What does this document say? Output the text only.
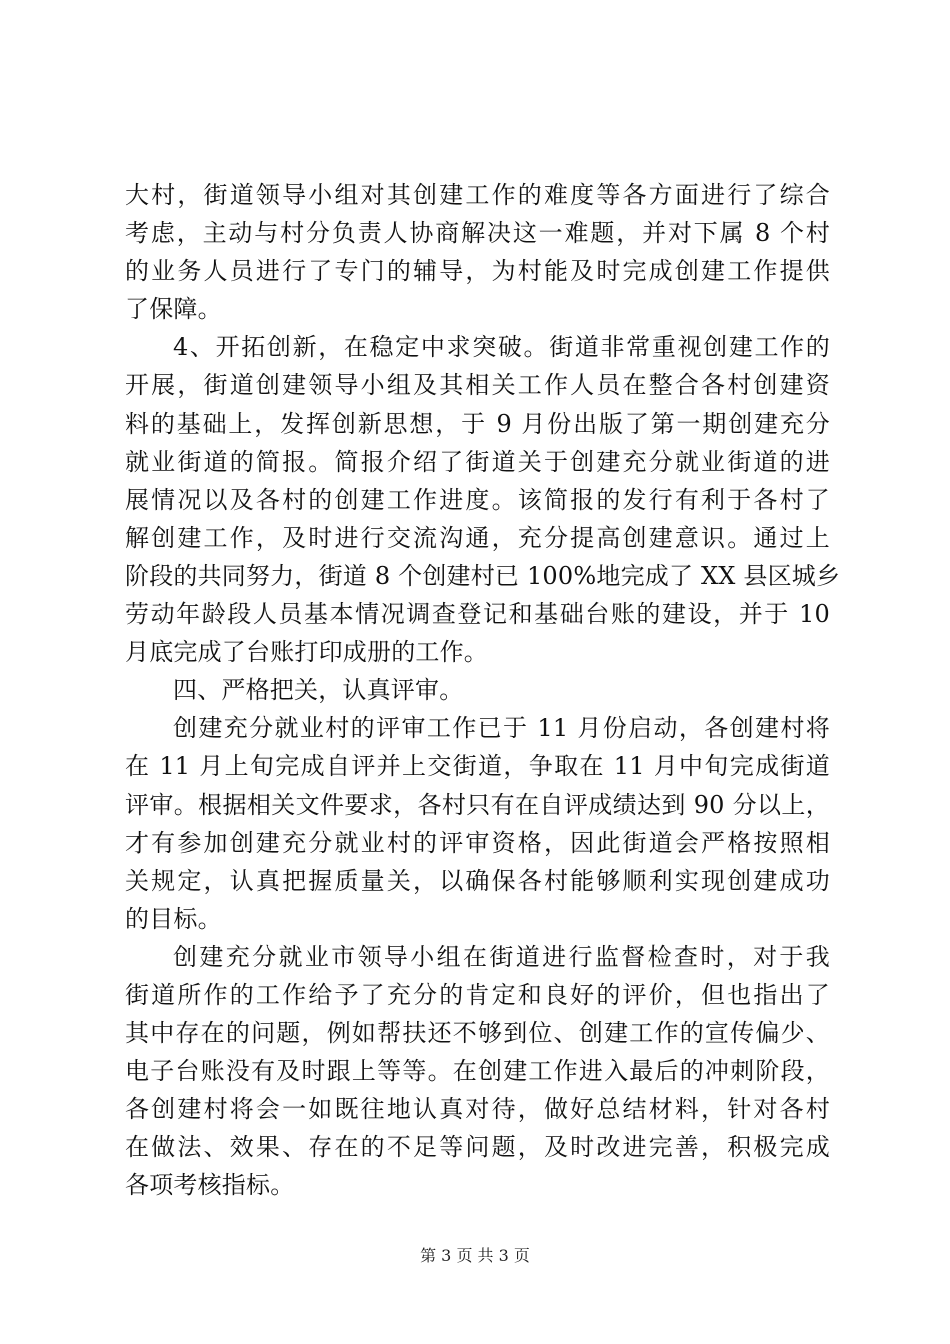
大村，街道领导小组对其创建工作的难度等各方面进行了综合
考虑，主动与村分负责人协商解决这一难题，并对下属 8 个村
的业务人员进行了专门的辅导，为村能及时完成创建工作提供
了保障。
4、开拓创新，在稳定中求突破。街道非常重视创建工作的
开展，街道创建领导小组及其相关工作人员在整合各村创建资
料的基础上，发挥创新思想，于 9 月份出版了第一期创建充分
就业街道的简报。简报介绍了街道关于创建充分就业街道的进
展情况以及各村的创建工作进度。该简报的发行有利于各村了
解创建工作，及时进行交流沟通，充分提高创建意识。通过上
阶段的共同努力，街道 8 个创建村已 100%地完成了 XX 县区城乡
劳动年龄段人员基本情况调查登记和基础台账的建设，并于 10
月底完成了台账打印成册的工作。
四、严格把关，认真评审。
创建充分就业村的评审工作已于 11 月份启动，各创建村将
在 11 月上旬完成自评并上交街道，争取在 11 月中旬完成街道
评审。根据相关文件要求，各村只有在自评成绩达到 90 分以上，
才有参加创建充分就业村的评审资格，因此街道会严格按照相
关规定，认真把握质量关，以确保各村能够顺利实现创建成功
的目标。
创建充分就业市领导小组在街道进行监督检查时，对于我
街道所作的工作给予了充分的肯定和良好的评价，但也指出了
其中存在的问题，例如帮扶还不够到位、创建工作的宣传偏少、
电子台账没有及时跟上等等。在创建工作进入最后的冲刺阶段，
各创建村将会一如既往地认真对待，做好总结材料，针对各村
在做法、效果、存在的不足等问题，及时改进完善，积极完成
各项考核指标。
第 3 页 共 3 页
